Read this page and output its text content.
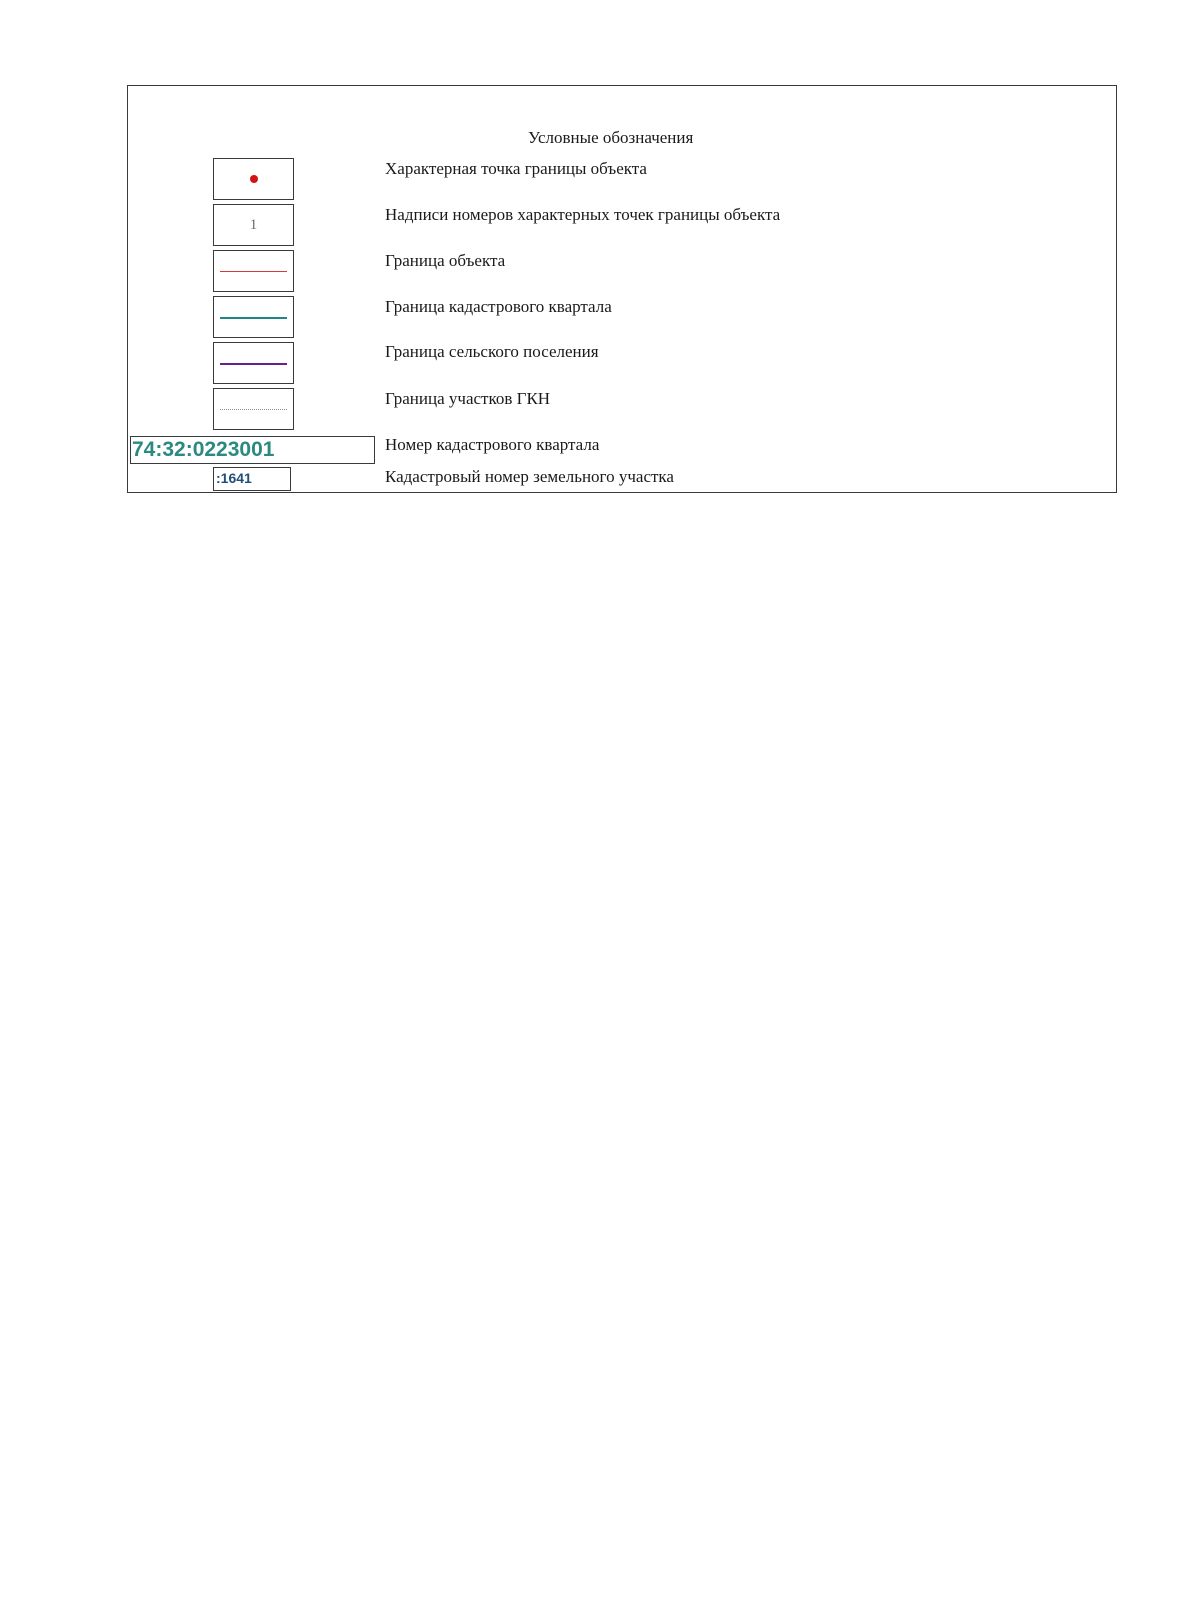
Условные обозначения
Характерная точка границы объекта
1
Надписи номеров характерных точек границы объекта
Граница объекта
Граница кадастрового квартала
Граница сельского поселения
Граница участков ГКН
74:32:0223001	Номер кадастрового квартала
:1641	Кадастровый номер земельного участка
